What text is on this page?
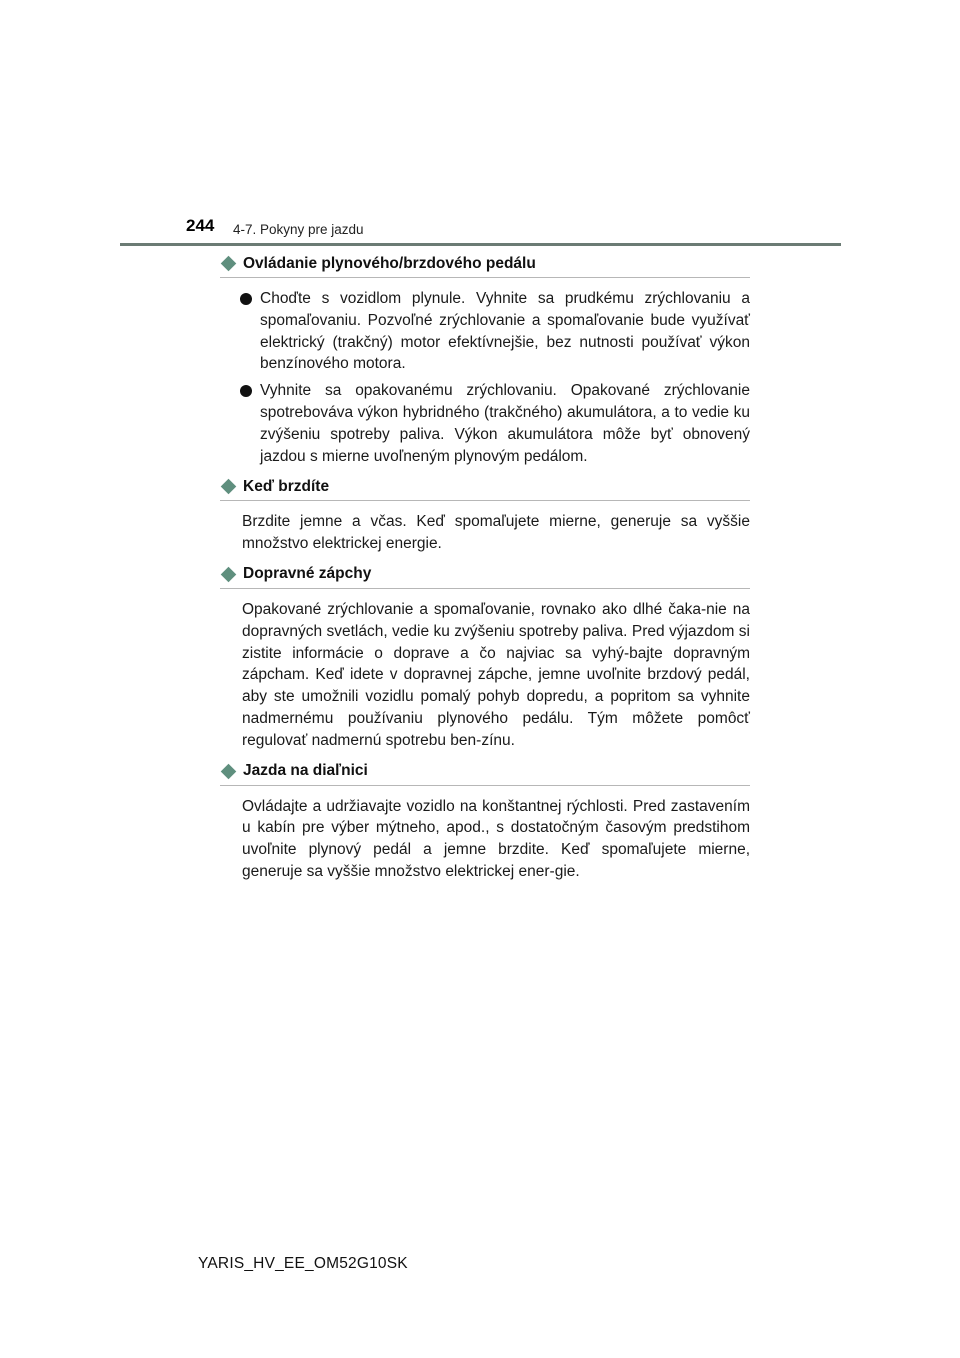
244 4-7. Pokyny pre jazdu
Ovládanie plynového/brzdového pedálu
Choďte s vozidlom plynule. Vyhnite sa prudkému zrýchlovaniu a spomaľovaniu. Pozvoľné zrýchlovanie a spomaľovanie bude využívať elektrický (trakčný) motor efektívnejšie, bez nutnosti používať výkon benzínového motora.
Vyhnite sa opakovanému zrýchlovaniu. Opakované zrýchlovanie spotrebováva výkon hybridného (trakčného) akumulátora, a to vedie ku zvýšeniu spotreby paliva. Výkon akumulátora môže byť obnovený jazdou s mierne uvoľneným plynovým pedálom.
Keď brzdíte

Brzdite jemne a včas. Keď spomaľujete mierne, generuje sa vyššie množstvo elektrickej energie.

Dopravné zápchy

Opakované zrýchlovanie a spomaľovanie, rovnako ako dlhé čaka-nie na dopravných svetlách, vedie ku zvýšeniu spotreby paliva. Pred výjazdom si zistite informácie o doprave a čo najviac sa vyhý-bajte dopravným zápcham. Keď idete v dopravnej zápche, jemne uvoľnite brzdový pedál, aby ste umožnili vozidlu pomalý pohyb dopredu, a popritom sa vyhnite nadmernému používaniu plynového pedálu. Tým môžete pomôcť regulovať nadmernú spotrebu ben-zínu.

Jazda na diaľnici

Ovládajte a udržiavajte vozidlo na konštantnej rýchlosti. Pred zastavením u kabín pre výber mýtneho, apod., s dostatočným časovým predstihom uvoľnite plynový pedál a jemne brzdite. Keď spomaľujete mierne, generuje sa vyššie množstvo elektrickej ener-gie.

YARIS_HV_EE_OM52G10SK
